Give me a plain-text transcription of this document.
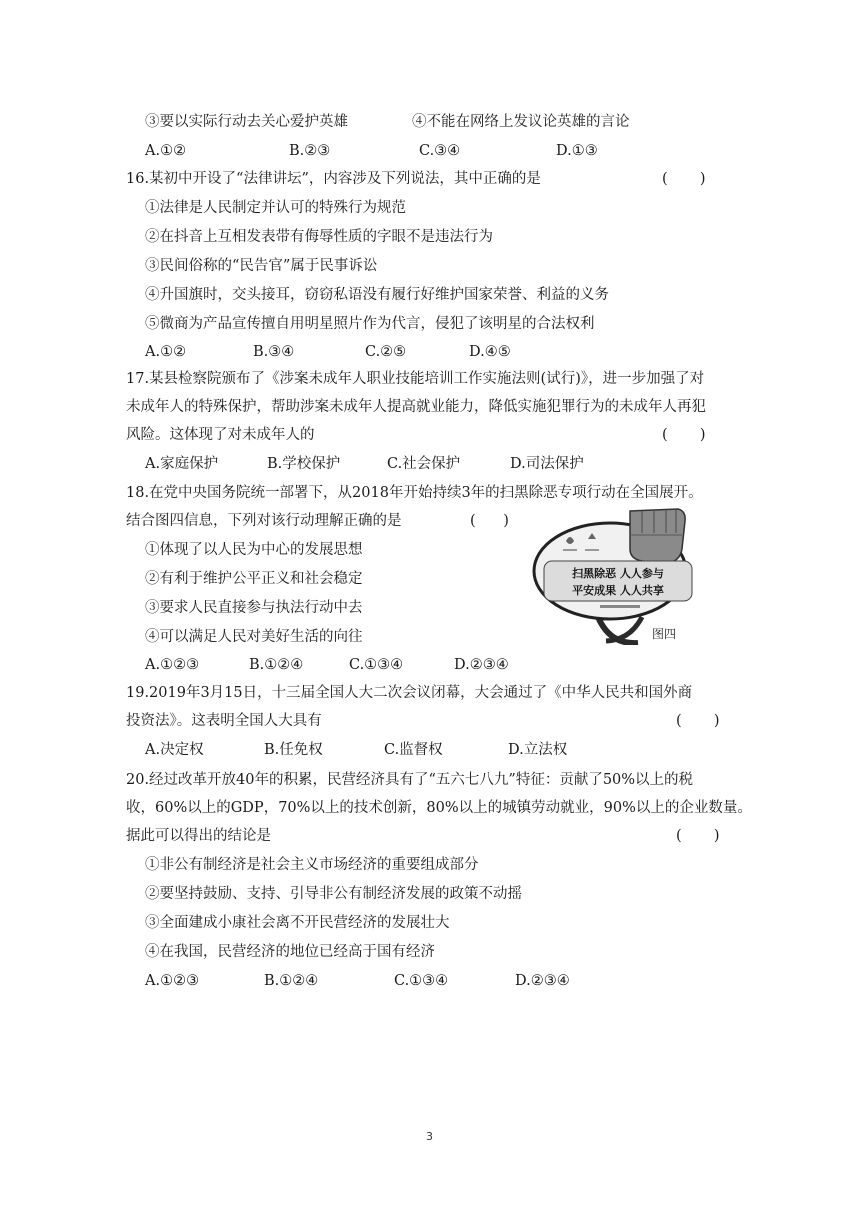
③要以实际行动去关心爱护英雄	④不能在网络上发议论英雄的言论
A.①②	B.②③	C.③④	D.①③
16.某初中开设了“法律讲坛”，内容涉及下列说法，其中正确的是	(       )
①法律是人民制定并认可的特殊行为规范
②在抖音上互相发表带有侮辱性质的字眼不是违法行为
③民间俗称的“民告官”属于民事诉讼
④升国旗时，交头接耳，窃窃私语没有履行好维护国家荣誉、利益的义务
⑤微商为产品宣传擅自用明星照片作为代言，侵犯了该明星的合法权利
A.①②	B.③④	C.②⑤	D.④⑤
17.某县检察院颁布了《涉案未成年人职业技能培训工作实施法则(试行)》，进一步加强了对
未成年人的特殊保护，帮助涉案未成年人提高就业能力，降低实施犯罪行为的未成年人再犯
风险。这体现了对未成年人的	(       )
A.家庭保护	B.学校保护	C.社会保护	D.司法保护
18.在党中央国务院统一部署下，从2018年开始持续3年的扫黑除恶专项行动在全国展开。
结合图四信息，下列对该行动理解正确的是	(      )
①体现了以人民为中心的发展思想
②有利于维护公平正义和社会稳定
③要求人民直接参与执法行动中去
④可以满足人民对美好生活的向往
A.①②③	B.①②④	C.①③④	D.②③④
扫黑除恶 人人参与
平安成果 人人共享
图四
19.2019年3月15日，十三届全国人大二次会议闭幕，大会通过了《中华人民共和国外商
投资法》。这表明全国人大具有	(       )
A.决定权	B.任免权	C.监督权	D.立法权
20.经过改革开放40年的积累，民营经济具有了“五六七八九”特征：贡献了50%以上的税
收，60%以上的GDP，70%以上的技术创新，80%以上的城镇劳动就业，90%以上的企业数量。
据此可以得出的结论是	(       )
①非公有制经济是社会主义市场经济的重要组成部分
②要坚持鼓励、支持、引导非公有制经济发展的政策不动摇
③全面建成小康社会离不开民营经济的发展壮大
④在我国，民营经济的地位已经高于国有经济
A.①②③	B.①②④	C.①③④	D.②③④
3
